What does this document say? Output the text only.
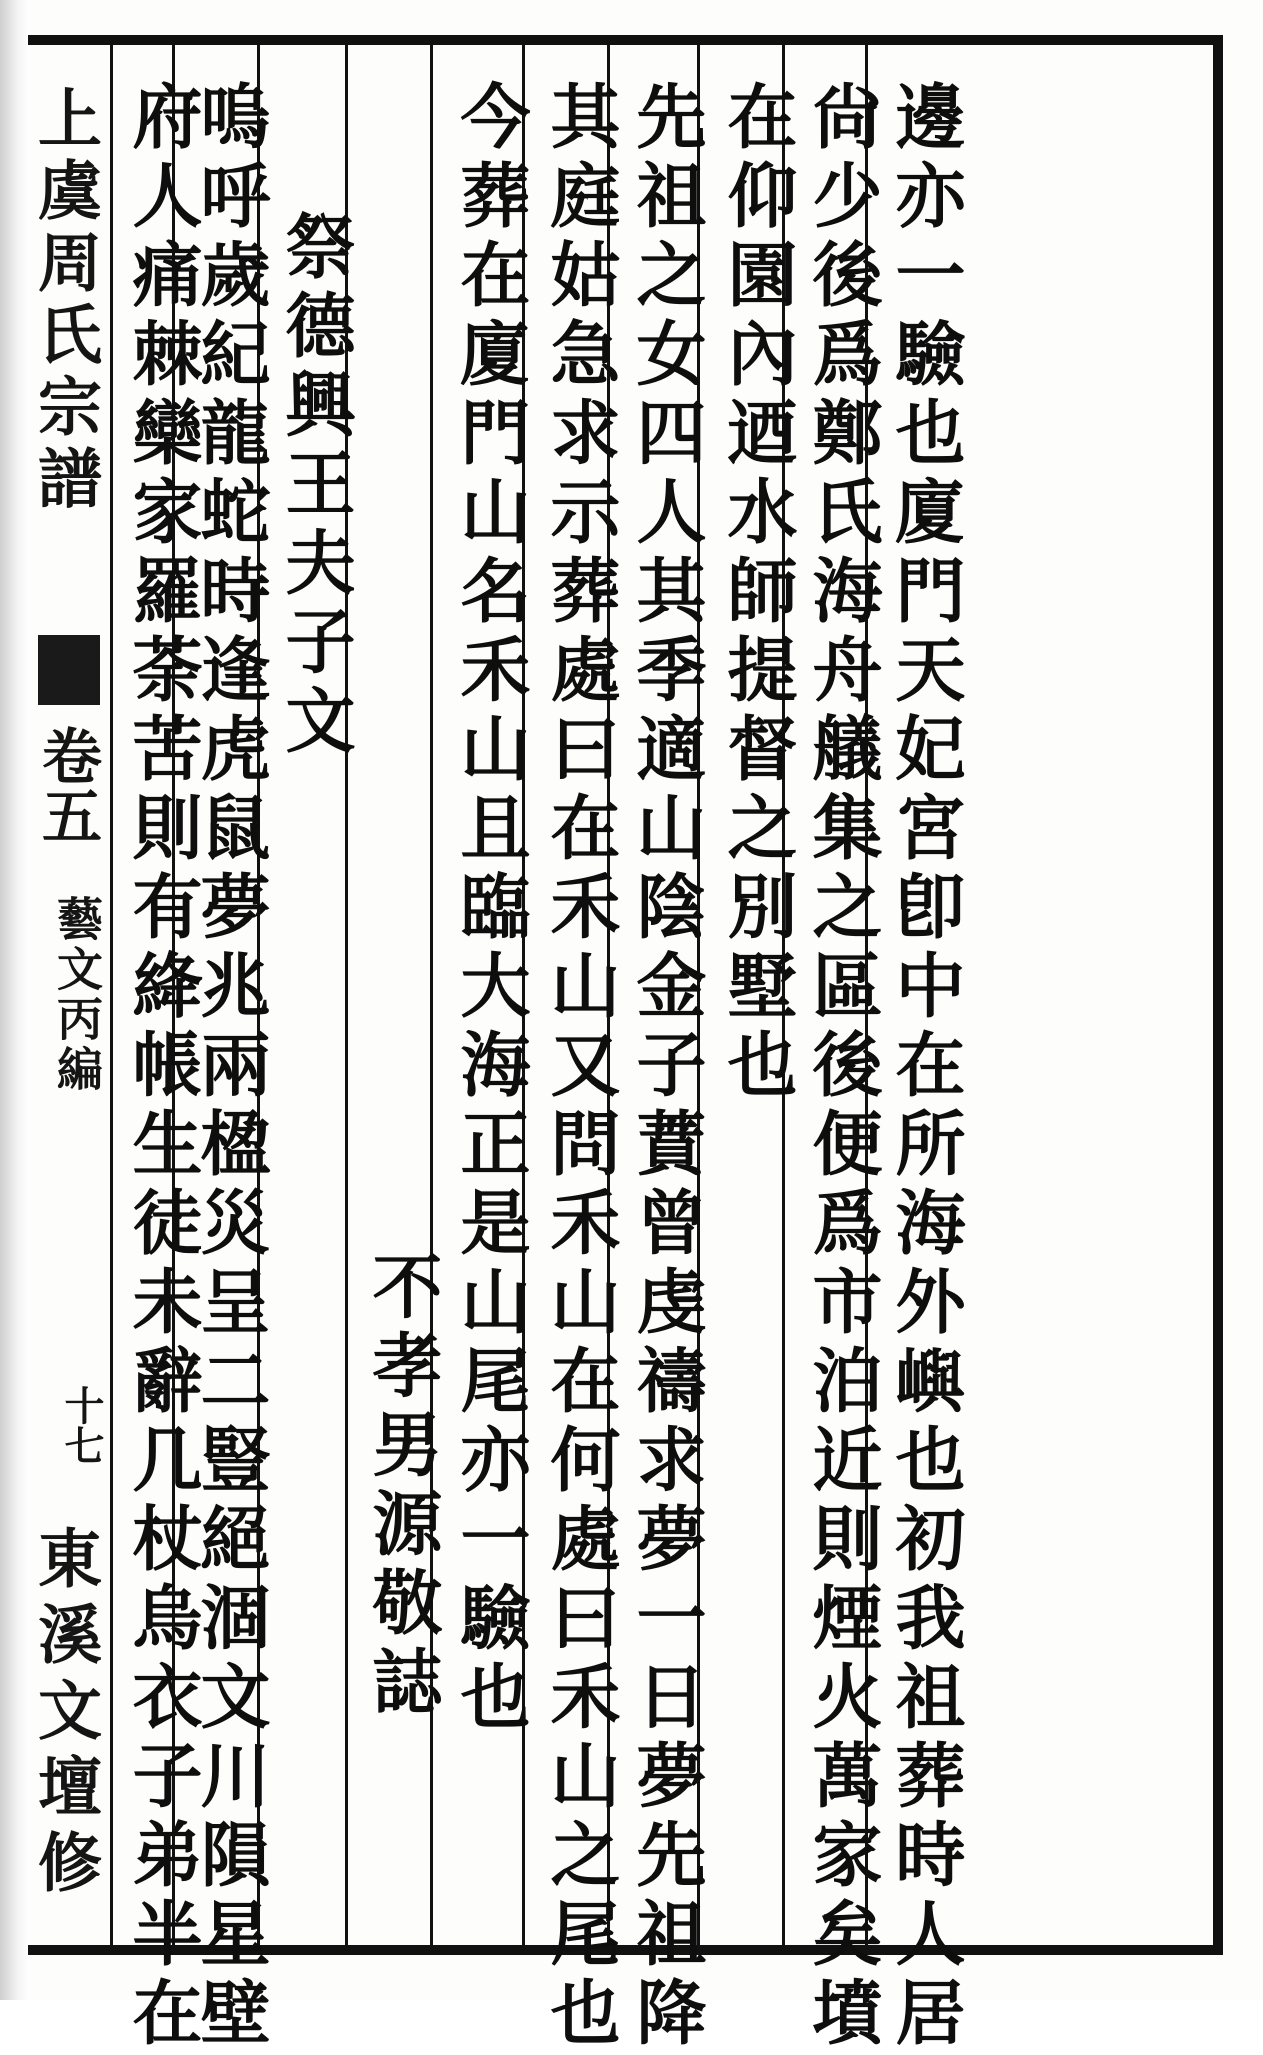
上虞周氏宗譜
卷五
藝文丙編
十七
東溪文壇修	邊亦一驗也廈門天妃宮卽中在所海外嶼也初我祖葬時人居
尙少後爲鄭氏海舟艤集之區後便爲市泊近則煙火萬家矣墳
在仰園內迺水師提督之別墅也
先祖之女四人其季適山陰金子蕡曾虔禱求夢一日夢先祖降
其庭姑急求示葬處曰在禾山又問禾山在何處曰禾山之尾也
今葬在廈門山名禾山且臨大海正是山尾亦一驗也
不孝男源敬誌
祭德興王夫子文
嗚呼歲紀龍蛇時逢虎鼠夢兆兩楹災呈二豎絕涸文川隕星壁
府人痛棘欒家羅荼苦則有絳帳生徒未辭几杖烏衣子弟半在
